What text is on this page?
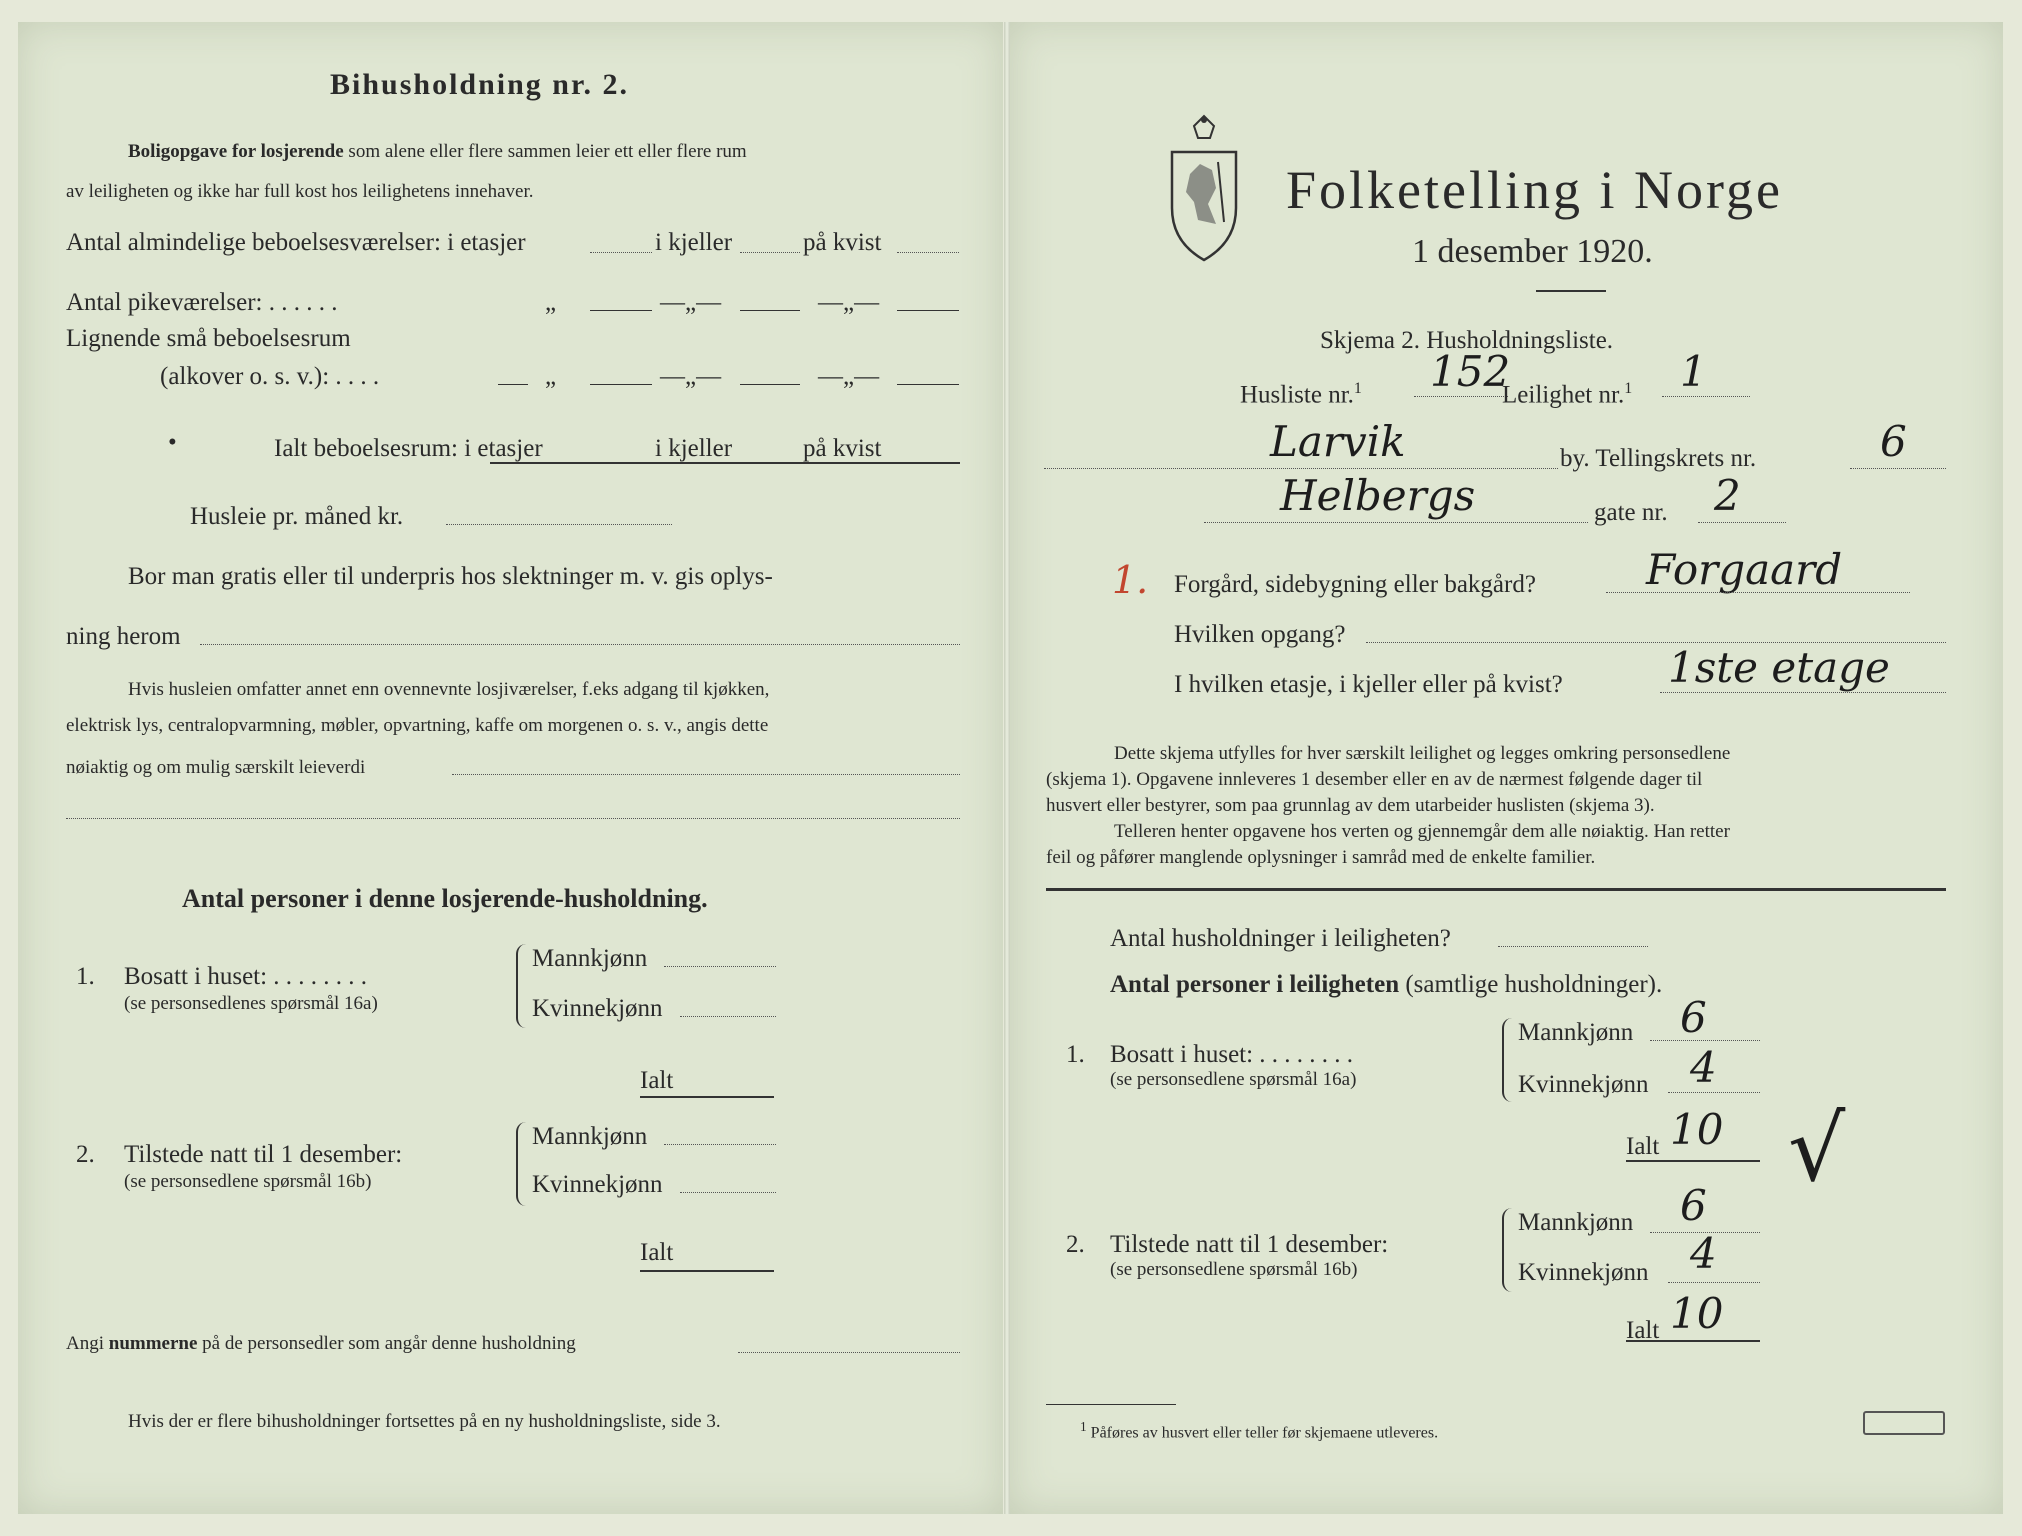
Bihusholdning nr. 2.
Boligopgave for losjerende som alene eller flere sammen leier ett eller flere rum
av leiligheten og ikke har full kost hos leilighetens innehaver.
Antal almindelige beboelsesværelser: i etasjer	i kjeller	på kvist
Antal pikeværelser: . . . . . .	„	—„—	—„—
Lignende små beboelsesrum
(alkover o. s. v.): . . . .	„	—„—	—„—
•	Ialt beboelsesrum: i etasjer	i kjeller	på kvist
Husleie pr. måned kr.
Bor man gratis eller til underpris hos slektninger m. v. gis oplys-
ning herom
Hvis husleien omfatter annet enn ovennevnte losjiværelser, f.eks adgang til kjøkken,
elektrisk lys, centralopvarmning, møbler, opvartning, kaffe om morgenen o. s. v., angis dette
nøiaktig og om mulig særskilt leieverdi
Antal personer i denne losjerende-husholdning.
1. Bosatt i huset: . . . . . . . .
(se personsedlenes spørsmål 16a)
Mannkjønn
Kvinnekjønn
Ialt
2. Tilstede natt til 1 desember:
(se personsedlene spørsmål 16b)
Mannkjønn
Kvinnekjønn
Ialt
Angi nummerne på de personsedler som angår denne husholdning
Hvis der er flere bihusholdninger fortsettes på en ny husholdningsliste, side 3.
Folketelling i Norge
1 desember 1920.
Skjema 2. Husholdningsliste.
Husliste nr.$^1$ 152
Leilighet nr.$^1$ 1
Larvik	by. Tellingskrets nr.	6
Helbergs	gate nr. 2
1. Forgård, sidebygning eller bakgård?	Forgaard
Hvilken opgang?
I hvilken etasje, i kjeller eller på kvist?	1ste etage
Dette skjema utfylles for hver særskilt leilighet og legges omkring personsedlene
(skjema 1). Opgavene innleveres 1 desember eller en av de nærmest følgende dager til
husvert eller bestyrer, som paa grunnlag av dem utarbeider huslisten (skjema 3).
Telleren henter opgavene hos verten og gjennemgår dem alle nøiaktig. Han retter
feil og påfører manglende oplysninger i samråd med de enkelte familier.
Antal husholdninger i leiligheten?
Antal personer i leiligheten (samtlige husholdninger).
1. Bosatt i huset: . . . . . . . .
(se personsedlene spørsmål 16a)
Mannkjønn 6
Kvinnekjønn 4
Ialt 10 √
2. Tilstede natt til 1 desember:
(se personsedlene spørsmål 16b)
Mannkjønn 6
Kvinnekjønn 4
Ialt 10
$^1$ Påføres av husvert eller teller før skjemaene utleveres.
